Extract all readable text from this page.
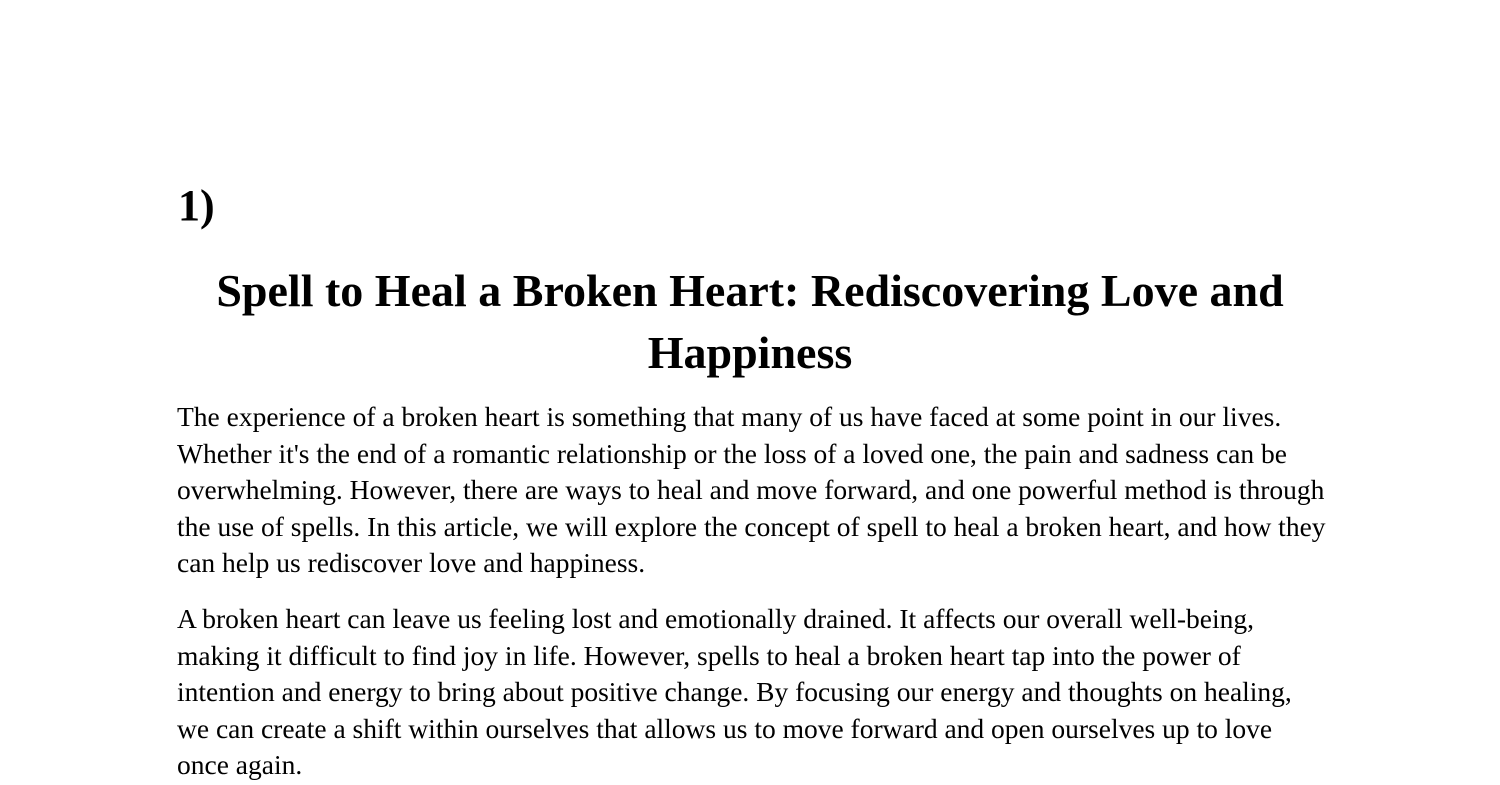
1)
Spell to Heal a Broken Heart: Rediscovering Love and Happiness

The experience of a broken heart is something that many of us have faced at some point in our lives. Whether it's the end of a romantic relationship or the loss of a loved one, the pain and sadness can be overwhelming. However, there are ways to heal and move forward, and one powerful method is through the use of spells. In this article, we will explore the concept of spell to heal a broken heart, and how they can help us rediscover love and happiness.

A broken heart can leave us feeling lost and emotionally drained. It affects our overall well-being, making it difficult to find joy in life. However, spells to heal a broken heart tap into the power of intention and energy to bring about positive change. By focusing our energy and thoughts on healing, we can create a shift within ourselves that allows us to move forward and open ourselves up to love once again.
